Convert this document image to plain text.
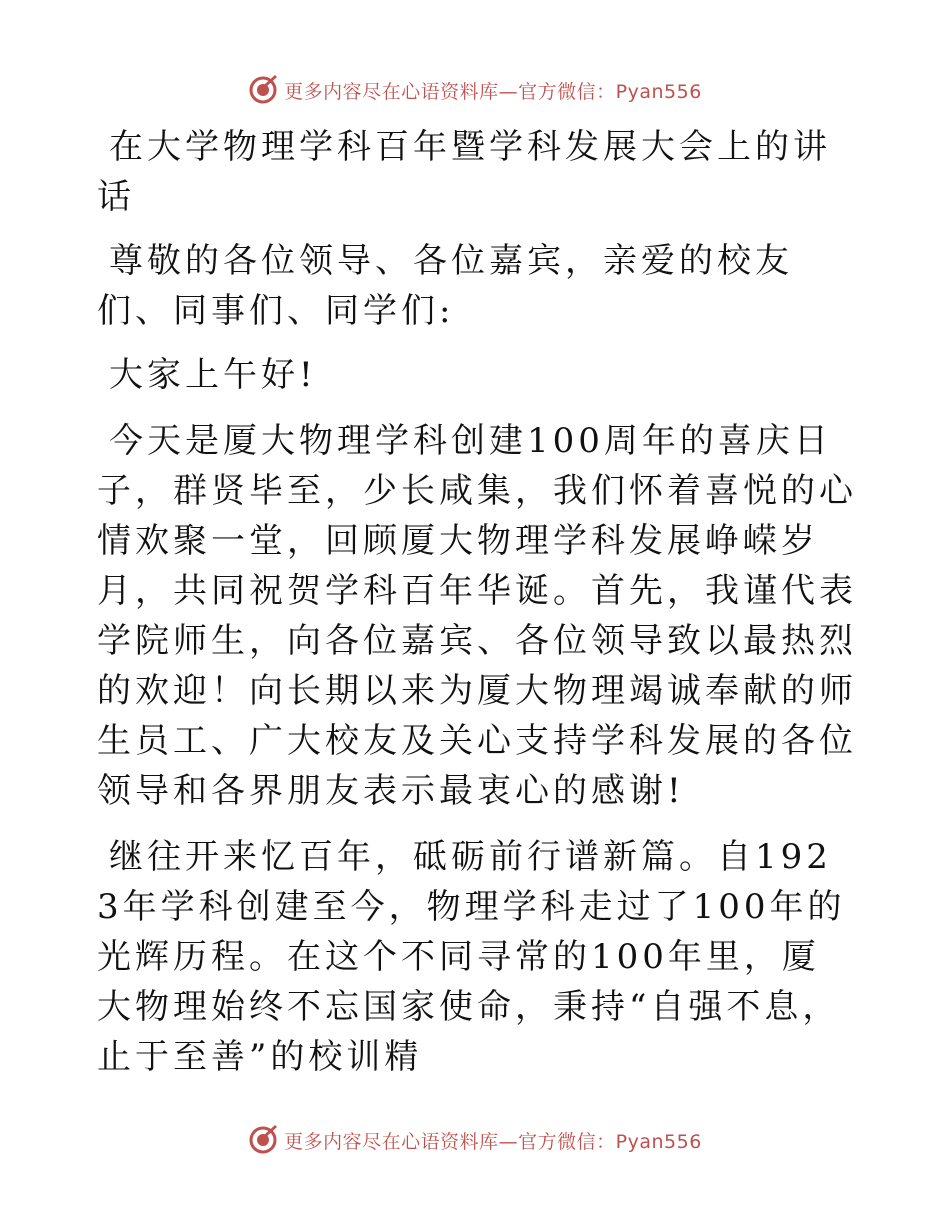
更多内容尽在心语资料库—官方微信：Pyan556

在大学物理学科百年暨学科发展大会上的讲话

尊敬的各位领导、各位嘉宾，亲爱的校友们、同事们、同学们:

大家上午好!

今天是厦大物理学科创建100周年的喜庆日子，群贤毕至，少长咸集，我们怀着喜悦的心情欢聚一堂，回顾厦大物理学科发展峥嵘岁月，共同祝贺学科百年华诞。首先，我谨代表学院师生，向各位嘉宾、各位领导致以最热烈的欢迎！向长期以来为厦大物理竭诚奉献的师生员工、广大校友及关心支持学科发展的各位领导和各界朋友表示最衷心的感谢!

继往开来忆百年，砥砺前行谱新篇。自1923年学科创建至今，物理学科走过了100年的光辉历程。在这个不同寻常的100年里，厦大物理始终不忘国家使命，秉持“自强不息，止于至善”的校训精

更多内容尽在心语资料库—官方微信：Pyan556
